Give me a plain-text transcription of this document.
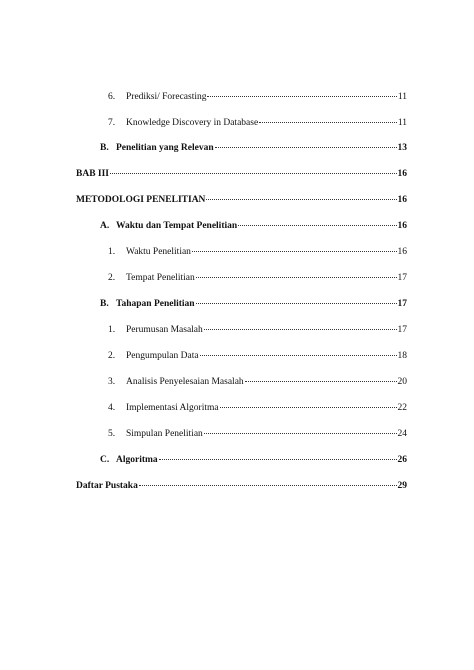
6.	Prediksi/ Forecasting	11
7.	Knowledge Discovery in Database	11
B. Penelitian yang Relevan	13
BAB III	16
METODOLOGI PENELITIAN	16
A. Waktu dan Tempat Penelitian	16
1.	Waktu Penelitian	16
2.	Tempat Penelitian	17
B. Tahapan Penelitian	17
1.	Perumusan Masalah	17
2.	Pengumpulan Data	18
3.	Analisis Penyelesaian Masalah	20
4.	Implementasi Algoritma	22
5.	Simpulan Penelitian	24
C. Algoritma	26
Daftar Pustaka	29
